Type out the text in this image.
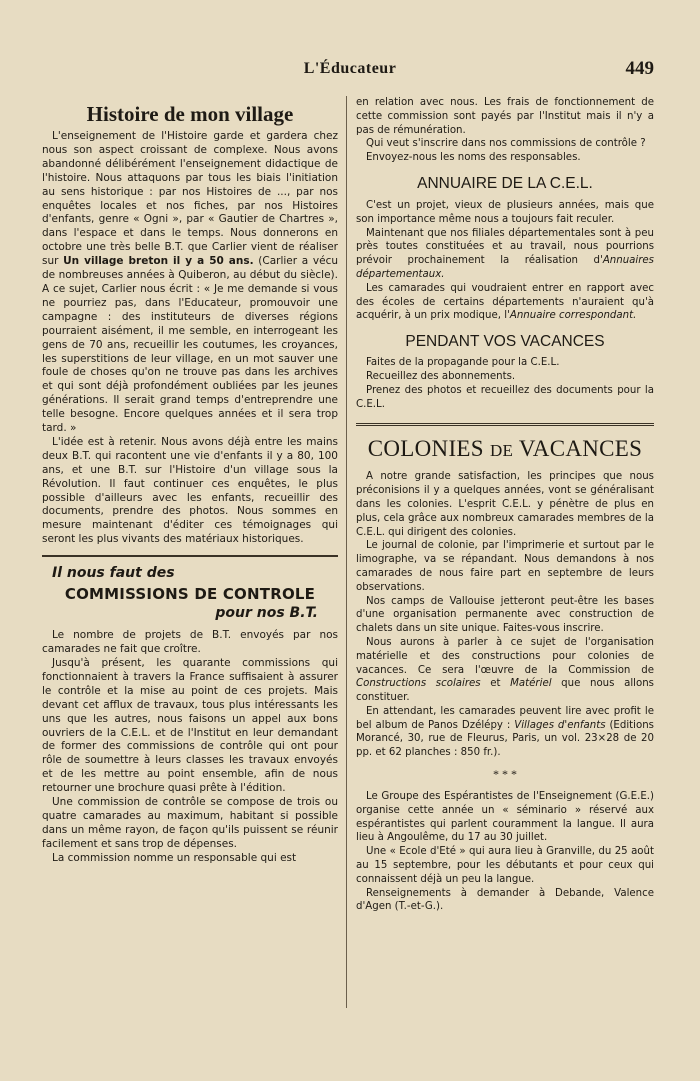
L'Éducateur	449
Histoire de mon village

L'enseignement de l'Histoire garde et gardera chez nous son aspect croissant de complexe. Nous avons abandonné délibérément l'enseignement didactique de l'histoire. Nous attaquons par tous les biais l'initiation au sens historique : par nos Histoires de ..., par nos enquêtes locales et nos fiches, par nos Histoires d'enfants, genre « Ogni », par « Gautier de Chartres », dans l'espace et dans le temps. Nous donnerons en octobre une très belle B.T. que Carlier vient de réaliser sur Un village breton il y a 50 ans. (Carlier a vécu de nombreuses années à Quiberon, au début du siècle). A ce sujet, Carlier nous écrit : « Je me demande si vous ne pourriez pas, dans l'Educateur, promouvoir une campagne : des instituteurs de diverses régions pourraient aisément, il me semble, en interrogeant les gens de 70 ans, recueillir les coutumes, les croyances, les superstitions de leur village, en un mot sauver une foule de choses qu'on ne trouve pas dans les archives et qui sont déjà profondément oubliées par les jeunes générations. Il serait grand temps d'entreprendre une telle besogne. Encore quelques années et il sera trop tard. »

L'idée est à retenir. Nous avons déjà entre les mains deux B.T. qui racontent une vie d'enfants il y a 80, 100 ans, et une B.T. sur l'Histoire d'un village sous la Révolution. Il faut continuer ces enquêtes, le plus possible d'ailleurs avec les enfants, recueillir des documents, prendre des photos. Nous sommes en mesure maintenant d'éditer ces témoignages qui seront les plus vivants des matériaux historiques.

Il nous faut des
COMMISSIONS DE CONTROLE
pour nos B.T.

Le nombre de projets de B.T. envoyés par nos camarades ne fait que croître.

Jusqu'à présent, les quarante commissions qui fonctionnaient à travers la France suffisaient à assurer le contrôle et la mise au point de ces projets. Mais devant cet afflux de travaux, tous plus intéressants les uns que les autres, nous faisons un appel aux bons ouvriers de la C.E.L. et de l'Institut en leur demandant de former des commissions de contrôle qui ont pour rôle de soumettre à leurs classes les travaux envoyés et de les mettre au point ensemble, afin de nous retourner une brochure quasi prête à l'édition.

Une commission de contrôle se compose de trois ou quatre camarades au maximum, habitant si possible dans un même rayon, de façon qu'ils puissent se réunir facilement et sans trop de dépenses.

La commission nomme un responsable qui est

en relation avec nous. Les frais de fonctionnement de cette commission sont payés par l'Institut mais il n'y a pas de rémunération.

Qui veut s'inscrire dans nos commissions de contrôle ?

Envoyez-nous les noms des responsables.

ANNUAIRE DE LA C.E.L.

C'est un projet, vieux de plusieurs années, mais que son importance même nous a toujours fait reculer.

Maintenant que nos filiales départementales sont à peu près toutes constituées et au travail, nous pourrions prévoir prochainement la réalisation d'Annuaires départementaux.

Les camarades qui voudraient entrer en rapport avec des écoles de certains départements n'auraient qu'à acquérir, à un prix modique, l'Annuaire correspondant.

PENDANT VOS VACANCES

Faites de la propagande pour la C.E.L.

Recueillez des abonnements.

Prenez des photos et recueillez des documents pour la C.E.L.

COLONIES DE VACANCES

A notre grande satisfaction, les principes que nous préconisions il y a quelques années, vont se généralisant dans les colonies. L'esprit C.E.L. y pénètre de plus en plus, cela grâce aux nombreux camarades membres de la C.E.L. qui dirigent des colonies.

Le journal de colonie, par l'imprimerie et surtout par le limographe, va se répandant. Nous demandons à nos camarades de nous faire part en septembre de leurs observations.

Nos camps de Vallouise jetteront peut-être les bases d'une organisation permanente avec construction de chalets dans un site unique. Faites-vous inscrire.

Nous aurons à parler à ce sujet de l'organisation matérielle et des constructions pour colonies de vacances. Ce sera l'œuvre de la Commission de Constructions scolaires et Matériel que nous allons constituer.

En attendant, les camarades peuvent lire avec profit le bel album de Panos Dzélépy : Villages d'enfants (Editions Morancé, 30, rue de Fleurus, Paris, un vol. 23×28 de 20 pp. et 62 planches : 850 fr.).

* * *

Le Groupe des Espérantistes de l'Enseignement (G.E.E.) organise cette année un « séminario » réservé aux espérantistes qui parlent couramment la langue. Il aura lieu à Angoulême, du 17 au 30 juillet.

Une « Ecole d'Eté » qui aura lieu à Granville, du 25 août au 15 septembre, pour les débutants et pour ceux qui connaissent déjà un peu la langue.

Renseignements à demander à Debande, Valence d'Agen (T.-et-G.).
